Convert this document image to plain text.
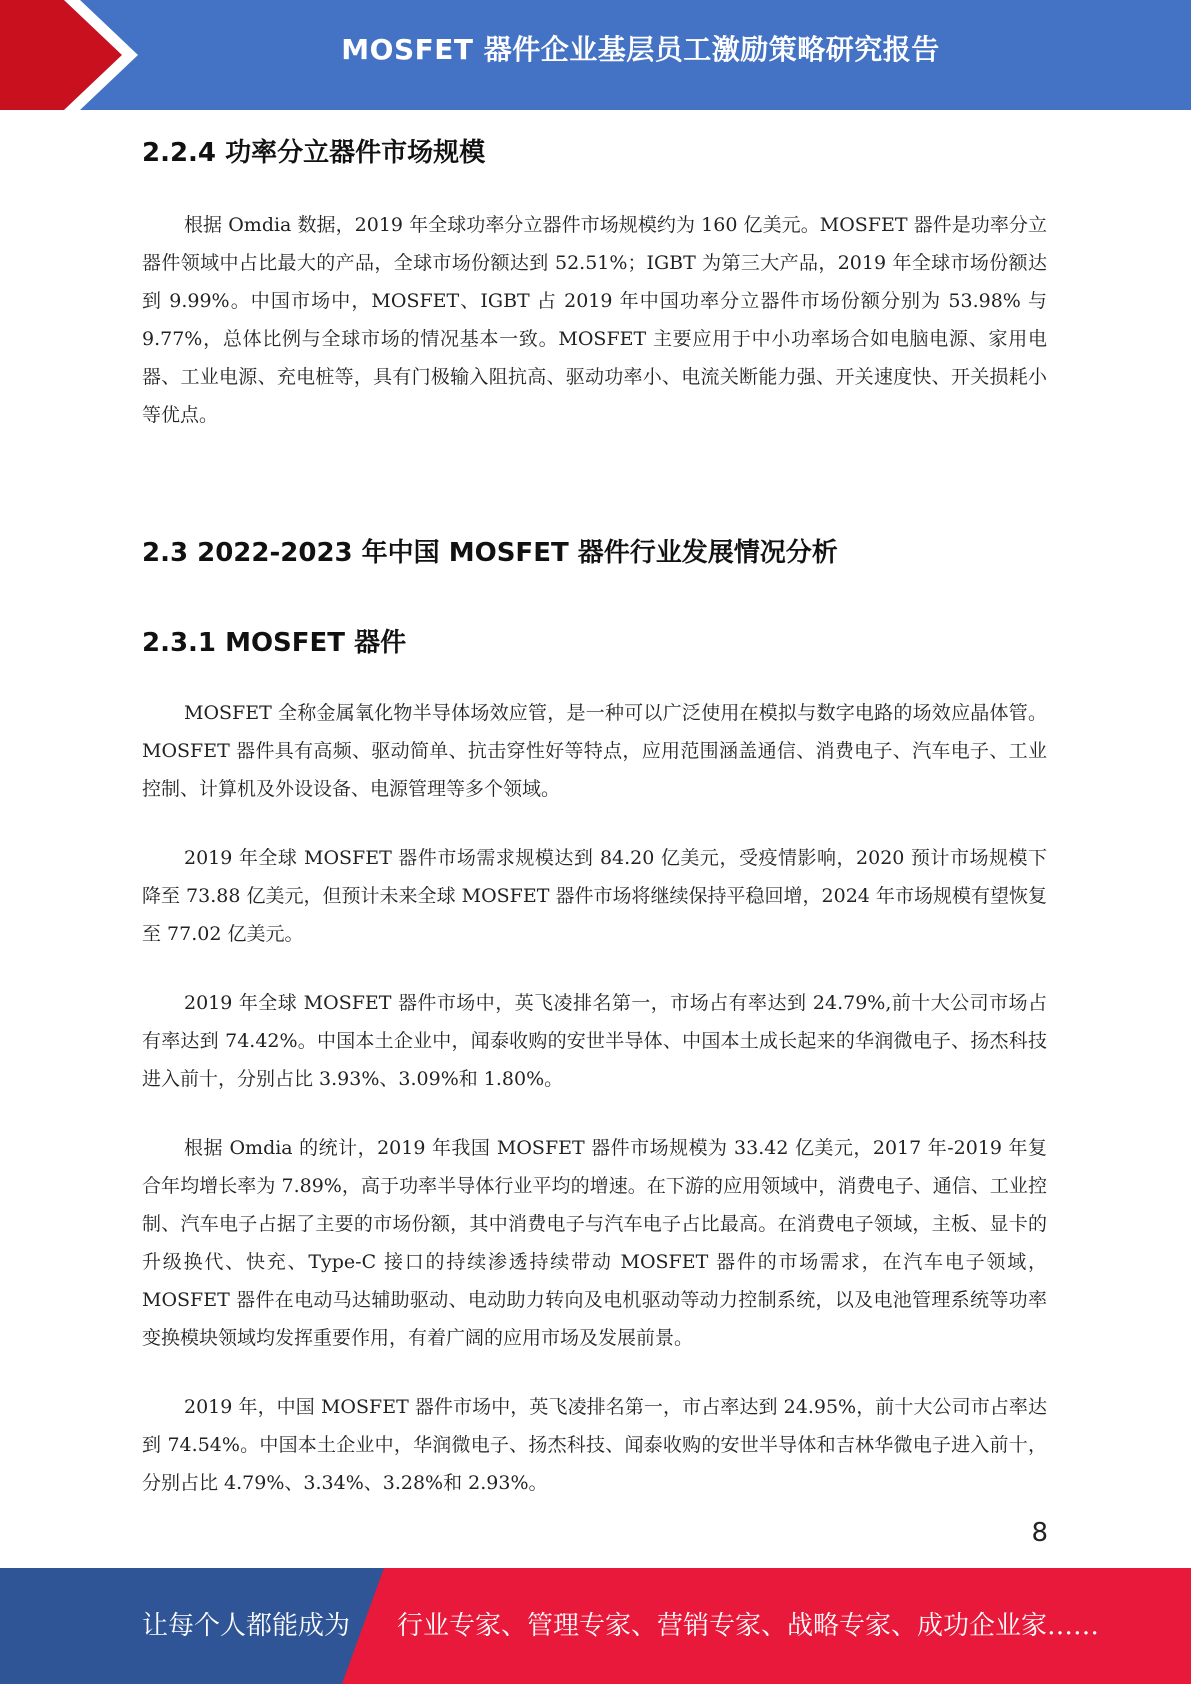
MOSFET 器件企业基层员工激励策略研究报告
2.2.4 功率分立器件市场规模
根据 Omdia 数据，2019 年全球功率分立器件市场规模约为 160 亿美元。MOSFET 器件是功率分立器件领域中占比最大的产品，全球市场份额达到 52.51%；IGBT 为第三大产品，2019 年全球市场份额达到 9.99%。中国市场中，MOSFET、IGBT 占 2019 年中国功率分立器件市场份额分别为 53.98% 与 9.77%，总体比例与全球市场的情况基本一致。MOSFET 主要应用于中小功率场合如电脑电源、家用电器、工业电源、充电桩等，具有门极输入阻抗高、驱动功率小、电流关断能力强、开关速度快、开关损耗小等优点。
2.3 2022-2023 年中国 MOSFET 器件行业发展情况分析
2.3.1 MOSFET 器件
MOSFET 全称金属氧化物半导体场效应管，是一种可以广泛使用在模拟与数字电路的场效应晶体管。MOSFET 器件具有高频、驱动简单、抗击穿性好等特点，应用范围涵盖通信、消费电子、汽车电子、工业控制、计算机及外设设备、电源管理等多个领域。
2019 年全球 MOSFET 器件市场需求规模达到 84.20 亿美元，受疫情影响，2020 预计市场规模下降至 73.88 亿美元，但预计未来全球 MOSFET 器件市场将继续保持平稳回增，2024 年市场规模有望恢复至 77.02 亿美元。
2019 年全球 MOSFET 器件市场中，英飞凌排名第一，市场占有率达到 24.79%,前十大公司市场占有率达到 74.42%。中国本土企业中，闻泰收购的安世半导体、中国本土成长起来的华润微电子、扬杰科技进入前十，分别占比 3.93%、3.09%和 1.80%。
根据 Omdia 的统计，2019 年我国 MOSFET 器件市场规模为 33.42 亿美元，2017 年-2019 年复合年均增长率为 7.89%，高于功率半导体行业平均的增速。在下游的应用领域中，消费电子、通信、工业控制、汽车电子占据了主要的市场份额，其中消费电子与汽车电子占比最高。在消费电子领域，主板、显卡的升级换代、快充、Type-C 接口的持续渗透持续带动 MOSFET 器件的市场需求，在汽车电子领域，MOSFET 器件在电动马达辅助驱动、电动助力转向及电机驱动等动力控制系统，以及电池管理系统等功率变换模块领域均发挥重要作用，有着广阔的应用市场及发展前景。
2019 年，中国 MOSFET 器件市场中，英飞凌排名第一，市占率达到 24.95%，前十大公司市占率达到 74.54%。中国本土企业中，华润微电子、扬杰科技、闻泰收购的安世半导体和吉林华微电子进入前十，分别占比 4.79%、3.34%、3.28%和 2.93%。
8
让每个人都能成为 行业专家、管理专家、营销专家、战略专家、成功企业家……
